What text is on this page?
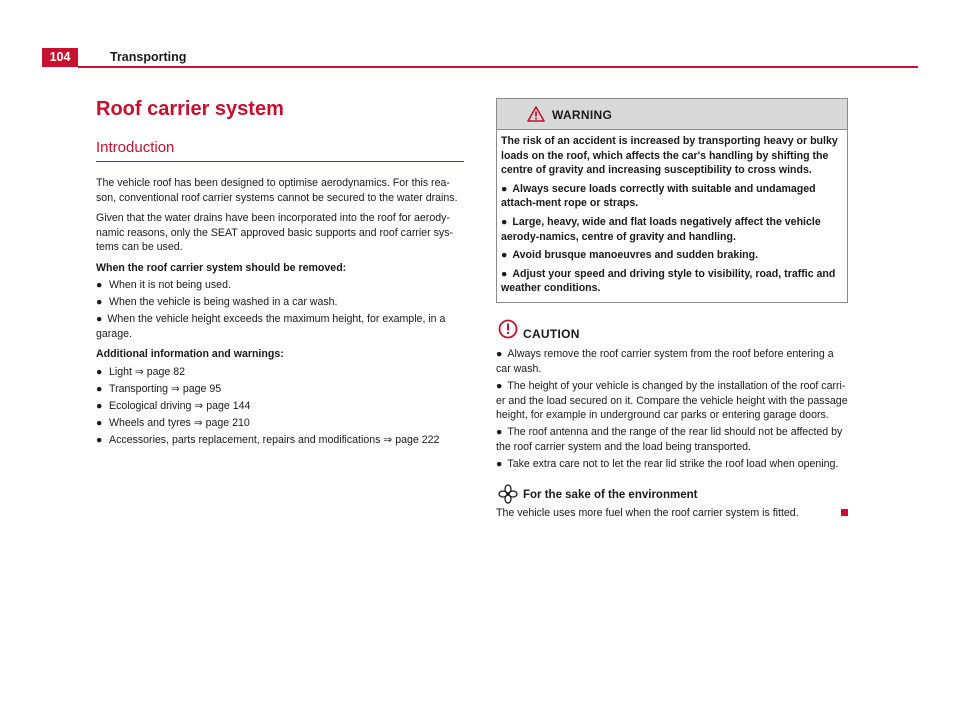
104	Transporting
Roof carrier system
Introduction
The vehicle roof has been designed to optimise aerodynamics. For this rea-son, conventional roof carrier systems cannot be secured to the water drains.
Given that the water drains have been incorporated into the roof for aerody-namic reasons, only the SEAT approved basic supports and roof carrier sys-tems can be used.
When the roof carrier system should be removed:
● When it is not being used.
● When the vehicle is being washed in a car wash.
● When the vehicle height exceeds the maximum height, for example, in a garage.
Additional information and warnings:
● Light ⇒ page 82
● Transporting ⇒ page 95
● Ecological driving ⇒ page 144
● Wheels and tyres ⇒ page 210
● Accessories, parts replacement, repairs and modifications ⇒ page 222
WARNING
The risk of an accident is increased by transporting heavy or bulky loads on the roof, which affects the car's handling by shifting the centre of gravity and increasing susceptibility to cross winds.
● Always secure loads correctly with suitable and undamaged attach-ment rope or straps.
● Large, heavy, wide and flat loads negatively affect the vehicle aerody-namics, centre of gravity and handling.
● Avoid brusque manoeuvres and sudden braking.
● Adjust your speed and driving style to visibility, road, traffic and weather conditions.
CAUTION
● Always remove the roof carrier system from the roof before entering a car wash.
● The height of your vehicle is changed by the installation of the roof carri-er and the load secured on it. Compare the vehicle height with the passage height, for example in underground car parks or entering garage doors.
● The roof antenna and the range of the rear lid should not be affected by the roof carrier system and the load being transported.
● Take extra care not to let the rear lid strike the roof load when opening.
For the sake of the environment
The vehicle uses more fuel when the roof carrier system is fitted.
